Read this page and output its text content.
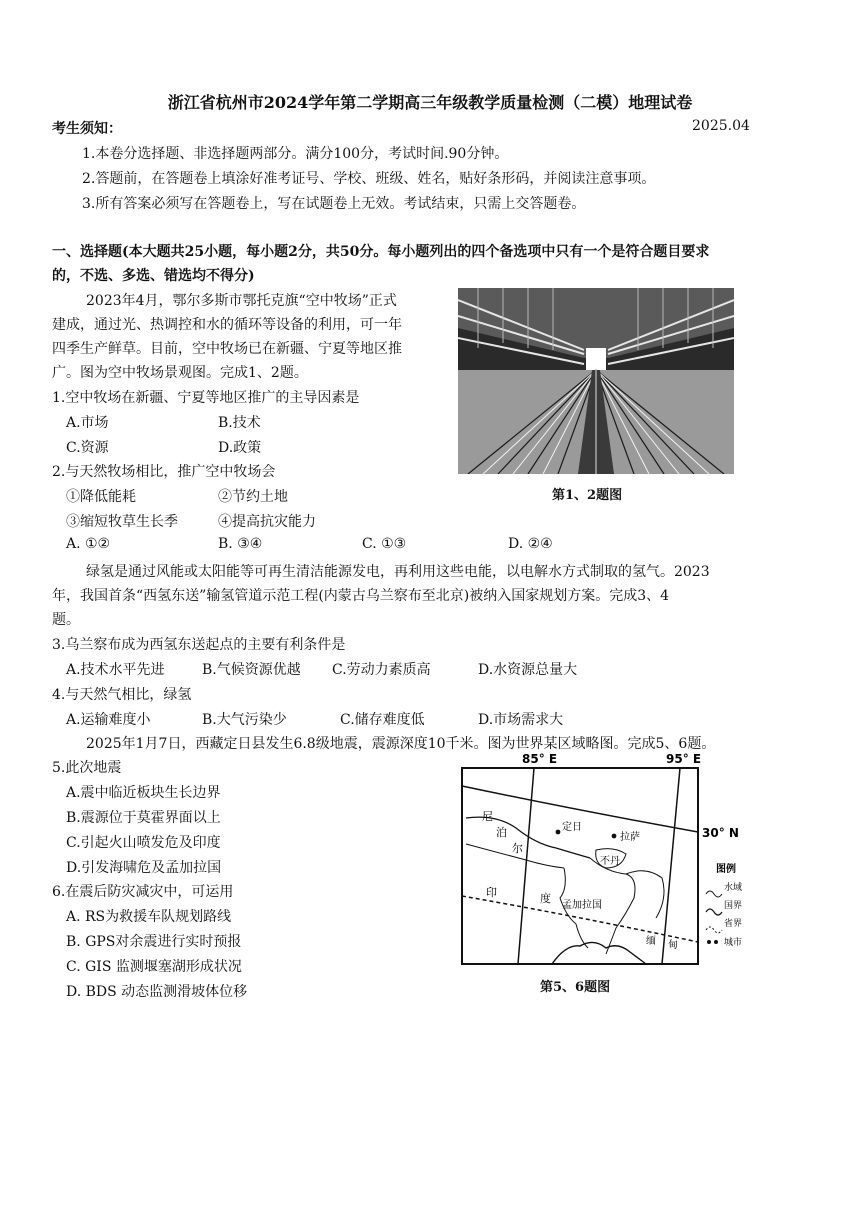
浙江省杭州市2024学年第二学期高三年级教学质量检测（二模）地理试卷
考生须知：	2025.04
1.本卷分选择题、非选择题两部分。满分100分，考试时间.90分钟。
2.答题前，在答题卷上填涂好准考证号、学校、班级、姓名，贴好条形码，并阅读注意事项。
3.所有答案必须写在答题卷上，写在试题卷上无效。考试结束，只需上交答题卷。
一、选择题(本大题共25小题，每小题2分，共50分。每小题列出的四个备选项中只有一个是符合题目要求
的，不选、多选、错选均不得分)
2023年4月，鄂尔多斯市鄂托克旗“空中牧场”正式
建成，通过光、热调控和水的循环等设备的利用，可一年
四季生产鲜草。目前，空中牧场已在新疆、宁夏等地区推
广。图为空中牧场景观图。完成1、2题。
第1、2题图
1.空中牧场在新疆、宁夏等地区推广的主导因素是
A.市场	B.技术
C.资源	D.政策
2.与天然牧场相比，推广空中牧场会
①降低能耗	②节约土地
③缩短牧草生长季	④提高抗灾能力
A. ①②	B. ③④	C. ①③	D. ②④
绿氢是通过风能或太阳能等可再生清洁能源发电，再利用这些电能，以电解水方式制取的氢气。2023
年，我国首条“西氢东送”输氢管道示范工程(内蒙古乌兰察布至北京)被纳入国家规划方案。完成3、4
题。
3.乌兰察布成为西氢东送起点的主要有利条件是
A.技术水平先进	B.气候资源优越 C.劳动力素质高	D.水资源总量大
4.与天然气相比，绿氢
A.运输难度小	B.大气污染少	C.储存难度低	D.市场需求大
2025年1月7日，西藏定日县发生6.8级地震，震源深度10千米。图为世界某区域略图。完成5、6题。
5.此次地震
A.震中临近板块生长边界
B.震源位于莫霍界面以上
C.引起火山喷发危及印度
D.引发海啸危及孟加拉国
6.在震后防灾减灾中，可运用
A. RS为救援车队规划路线
B. GPS对余震进行实时预报
C. GIS 监测堰塞湖形成状况
D. BDS 动态监测滑坡体位移
85° E	95° E
30° N
定日
拉萨
尼
泊
尔
不丹
印	度
孟加拉国
缅 甸
图例
水域
国界
省界
城市
第5、6题图
